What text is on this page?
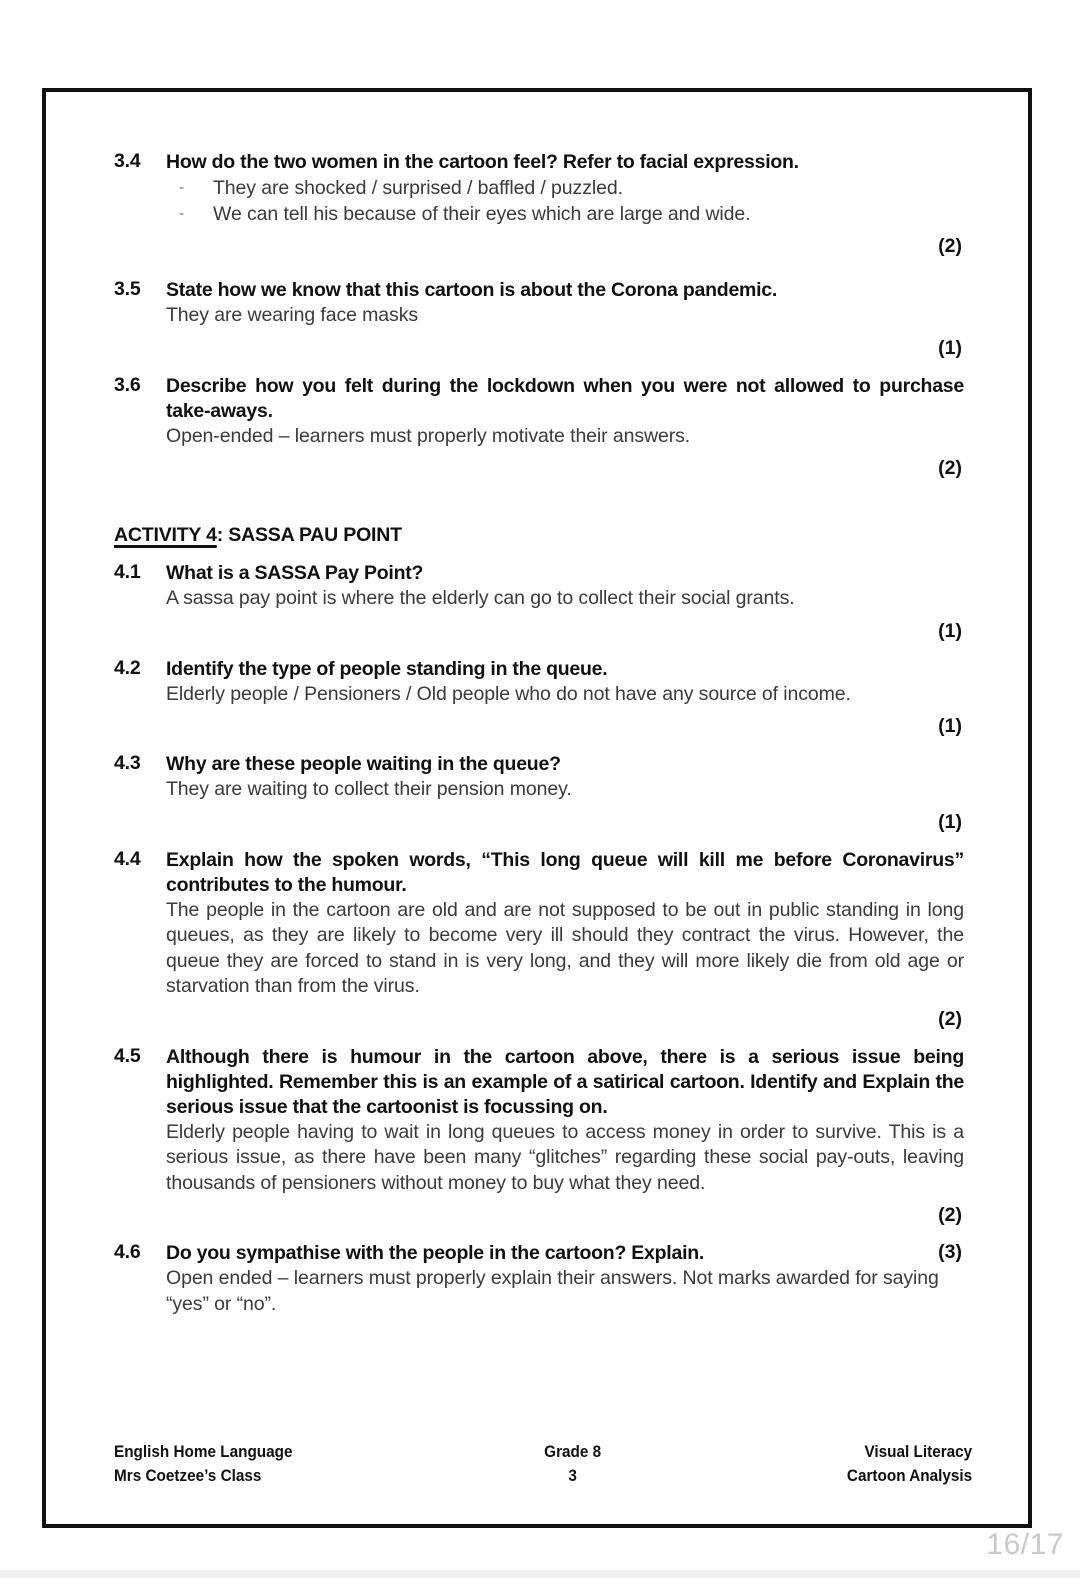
3.4	How do the two women in the cartoon feel? Refer to facial expression.
- They are shocked / surprised / baffled / puzzled.
- We can tell his because of their eyes which are large and wide.
(2)
3.5	State how we know that this cartoon is about the Corona pandemic.
They are wearing face masks
(1)
3.6	Describe how you felt during the lockdown when you were not allowed to purchase take-aways.
Open-ended – learners must properly motivate their answers.
(2)
ACTIVITY 4: SASSA PAU POINT
4.1	What is a SASSA Pay Point?
A sassa pay point is where the elderly can go to collect their social grants.
(1)
4.2	Identify the type of people standing in the queue.
Elderly people / Pensioners / Old people who do not have any source of income.
(1)
4.3	Why are these people waiting in the queue?
They are waiting to collect their pension money.
(1)
4.4	Explain how the spoken words, “This long queue will kill me before Coronavirus” contributes to the humour.
The people in the cartoon are old and are not supposed to be out in public standing in long queues, as they are likely to become very ill should they contract the virus. However, the queue they are forced to stand in is very long, and they will more likely die from old age or starvation than from the virus.
(2)
4.5	Although there is humour in the cartoon above, there is a serious issue being highlighted. Remember this is an example of a satirical cartoon. Identify and Explain the serious issue that the cartoonist is focussing on.
Elderly people having to wait in long queues to access money in order to survive. This is a serious issue, as there have been many “glitches” regarding these social pay-outs, leaving thousands of pensioners without money to buy what they need.
(2)
4.6	Do you sympathise with the people in the cartoon? Explain.	(3)
Open ended – learners must properly explain their answers. Not marks awarded for saying “yes” or “no”.
English Home Language
Mrs Coetzee’s Class
Grade 8
3
Visual Literacy
Cartoon Analysis
16/17
